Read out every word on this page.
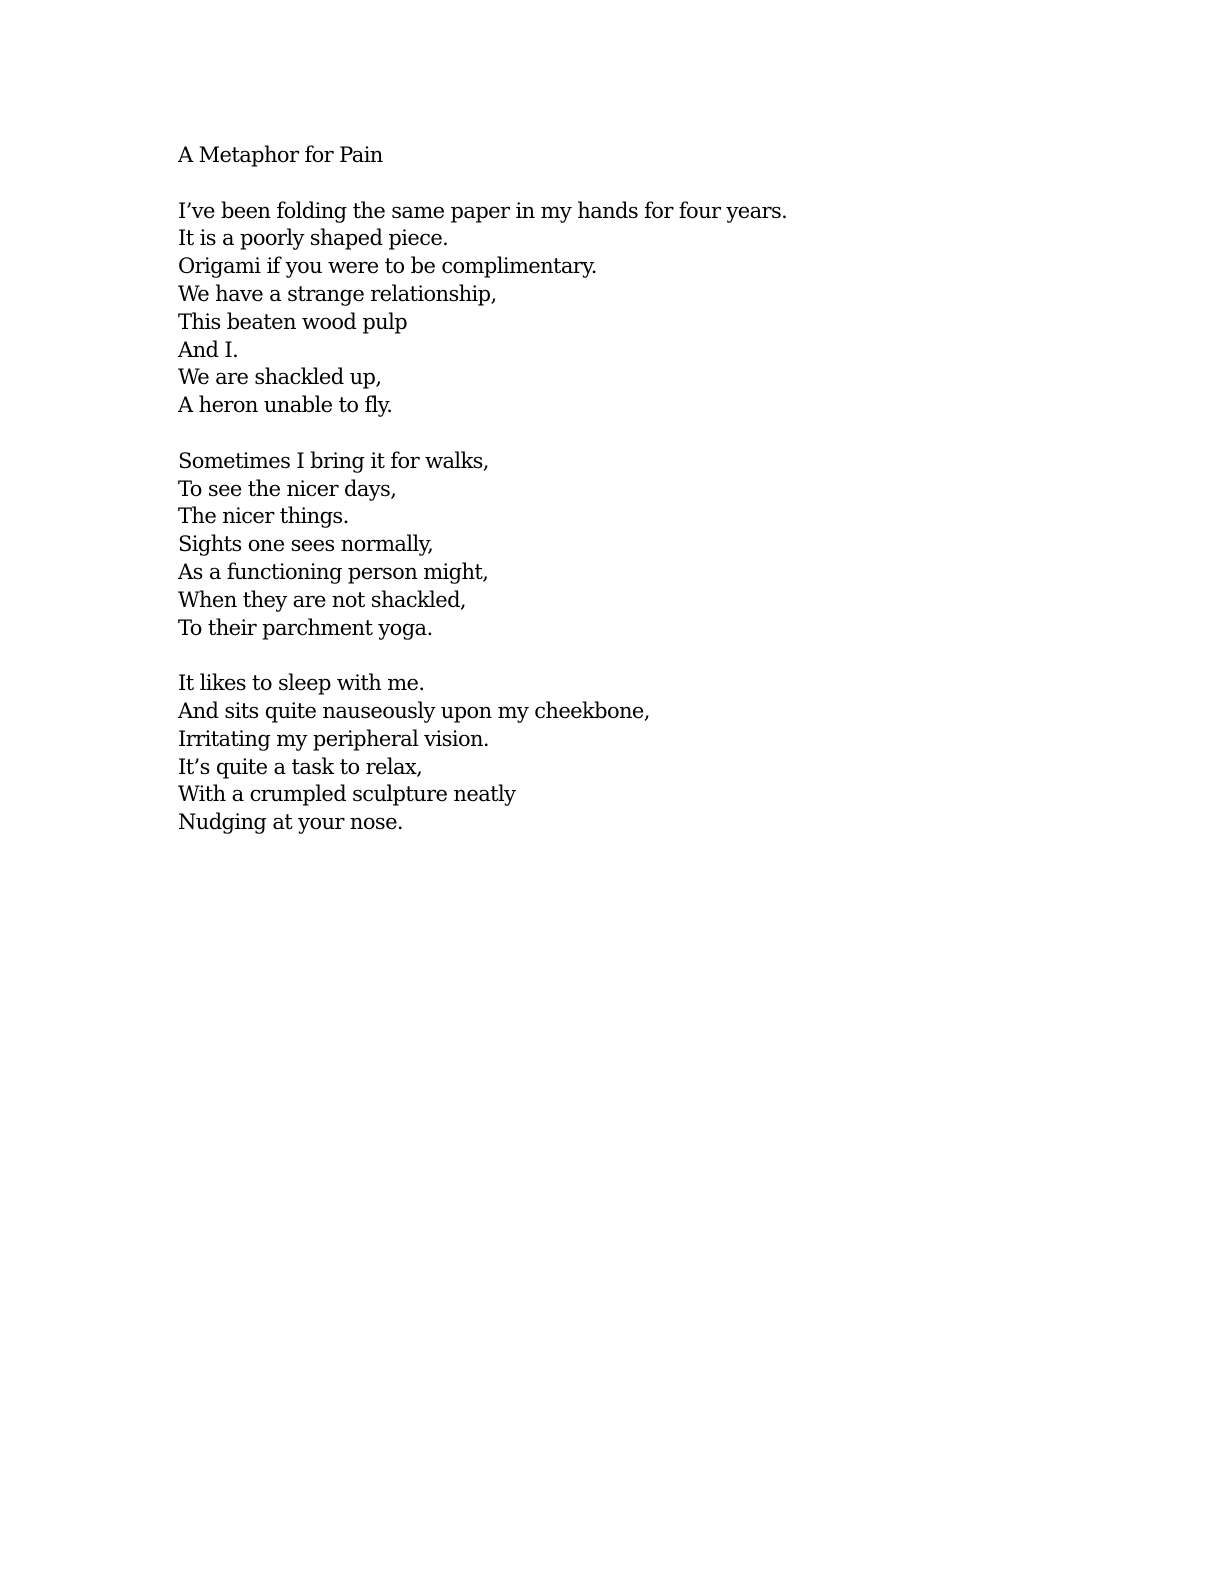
A Metaphor for Pain
I’ve been folding the same paper in my hands for four years.
It is a poorly shaped piece.
Origami if you were to be complimentary.
We have a strange relationship,
This beaten wood pulp
And I.
We are shackled up,
A heron unable to fly.
Sometimes I bring it for walks,
To see the nicer days,
The nicer things.
Sights one sees normally,
As a functioning person might,
When they are not shackled,
To their parchment yoga.
It likes to sleep with me.
And sits quite nauseously upon my cheekbone,
Irritating my peripheral vision.
It’s quite a task to relax,
With a crumpled sculpture neatly
Nudging at your nose.
